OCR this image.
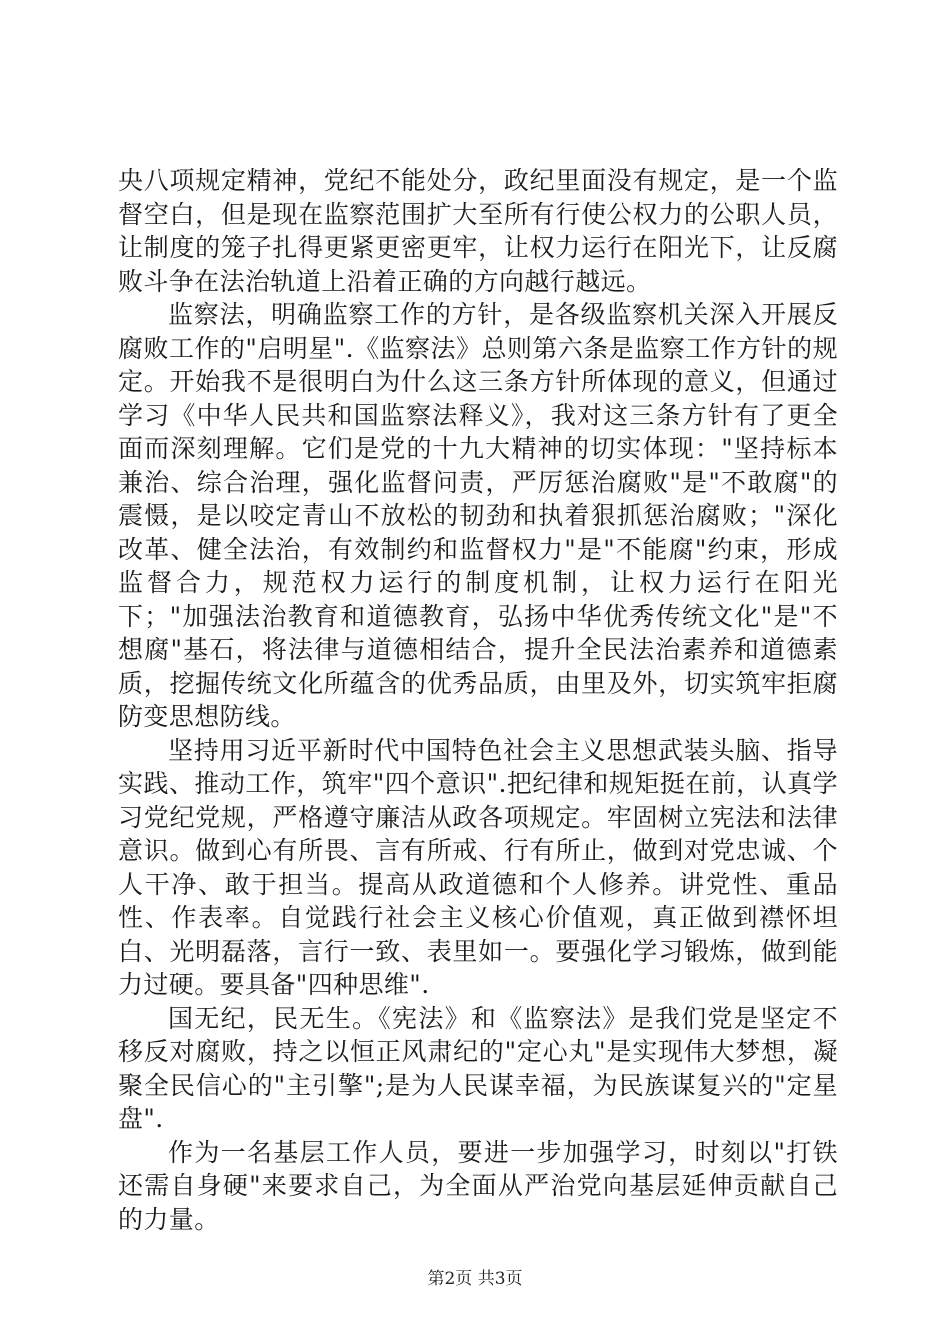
央八项规定精神，党纪不能处分，政纪里面没有规定，是一个监督空白，但是现在监察范围扩大至所有行使公权力的公职人员，让制度的笼子扎得更紧更密更牢，让权力运行在阳光下，让反腐败斗争在法治轨道上沿着正确的方向越行越远。

监察法，明确监察工作的方针，是各级监察机关深入开展反腐败工作的"启明星".《监察法》总则第六条是监察工作方针的规定。开始我不是很明白为什么这三条方针所体现的意义，但通过学习《中华人民共和国监察法释义》，我对这三条方针有了更全面而深刻理解。它们是党的十九大精神的切实体现："坚持标本兼治、综合治理，强化监督问责，严厉惩治腐败"是"不敢腐"的震慑，是以咬定青山不放松的韧劲和执着狠抓惩治腐败；"深化改革、健全法治，有效制约和监督权力"是"不能腐"约束，形成监督合力，规范权力运行的制度机制，让权力运行在阳光下；"加强法治教育和道德教育，弘扬中华优秀传统文化"是"不想腐"基石，将法律与道德相结合，提升全民法治素养和道德素质，挖掘传统文化所蕴含的优秀品质，由里及外，切实筑牢拒腐防变思想防线。

坚持用习近平新时代中国特色社会主义思想武装头脑、指导实践、推动工作，筑牢"四个意识".把纪律和规矩挺在前，认真学习党纪党规，严格遵守廉洁从政各项规定。牢固树立宪法和法律意识。做到心有所畏、言有所戒、行有所止，做到对党忠诚、个人干净、敢于担当。提高从政道德和个人修养。讲党性、重品性、作表率。自觉践行社会主义核心价值观，真正做到襟怀坦白、光明磊落，言行一致、表里如一。要强化学习锻炼，做到能力过硬。要具备"四种思维".

国无纪，民无生。《宪法》和《监察法》是我们党是坚定不移反对腐败，持之以恒正风肃纪的"定心丸"是实现伟大梦想，凝聚全民信心的"主引擎";是为人民谋幸福，为民族谋复兴的"定星盘".

作为一名基层工作人员，要进一步加强学习，时刻以"打铁还需自身硬"来要求自己，为全面从严治党向基层延伸贡献自己的力量。

第2页 共3页
